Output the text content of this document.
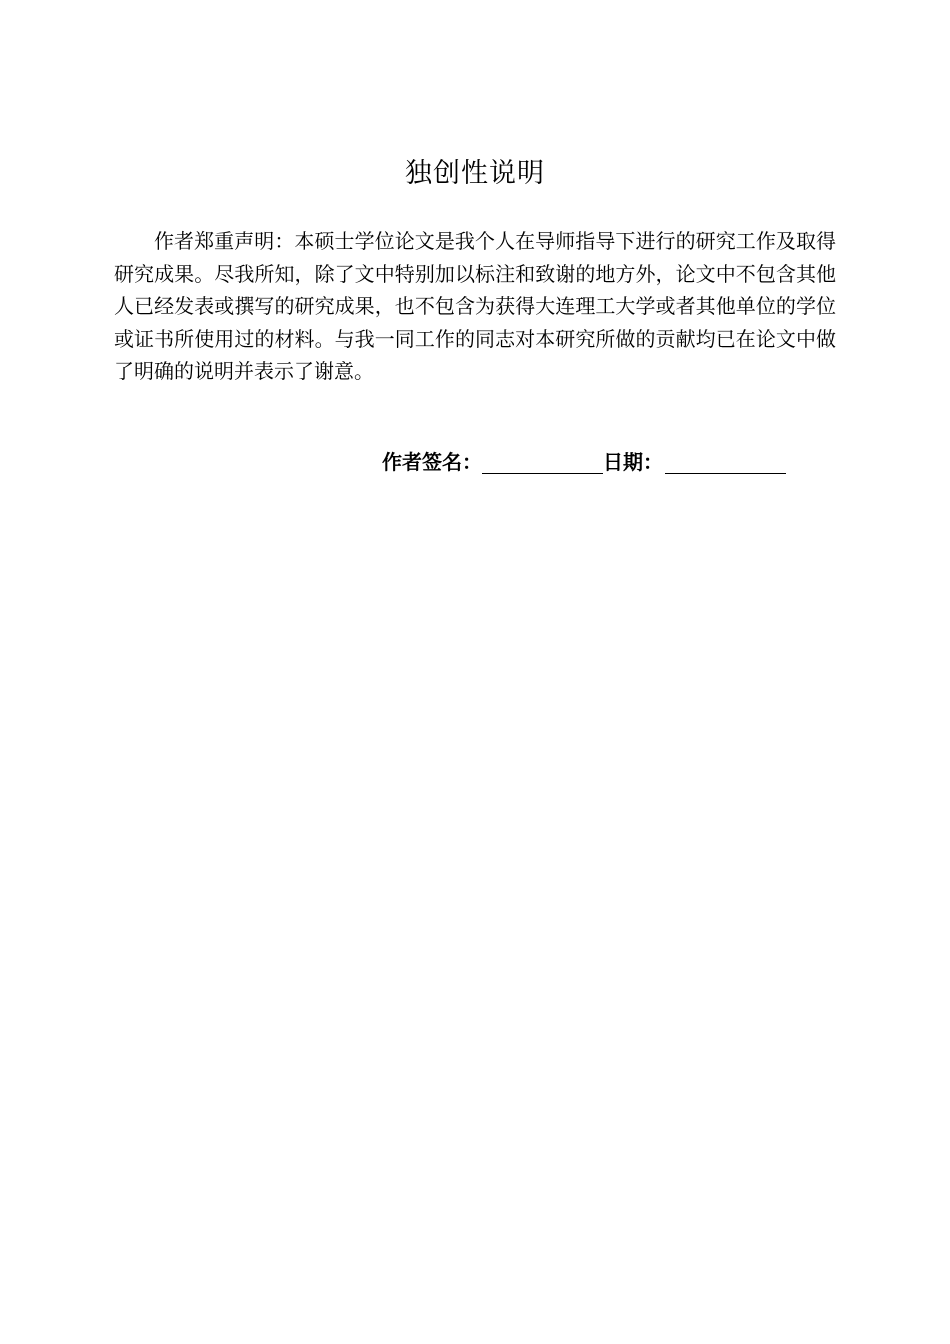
独创性说明

作者郑重声明：本硕士学位论文是我个人在导师指导下进行的研究工作及取得研究成果。尽我所知，除了文中特别加以标注和致谢的地方外，论文中不包含其他人已经发表或撰写的研究成果，也不包含为获得大连理工大学或者其他单位的学位或证书所使用过的材料。与我一同工作的同志对本研究所做的贡献均已在论文中做了明确的说明并表示了谢意。

作者签名：	日期：
